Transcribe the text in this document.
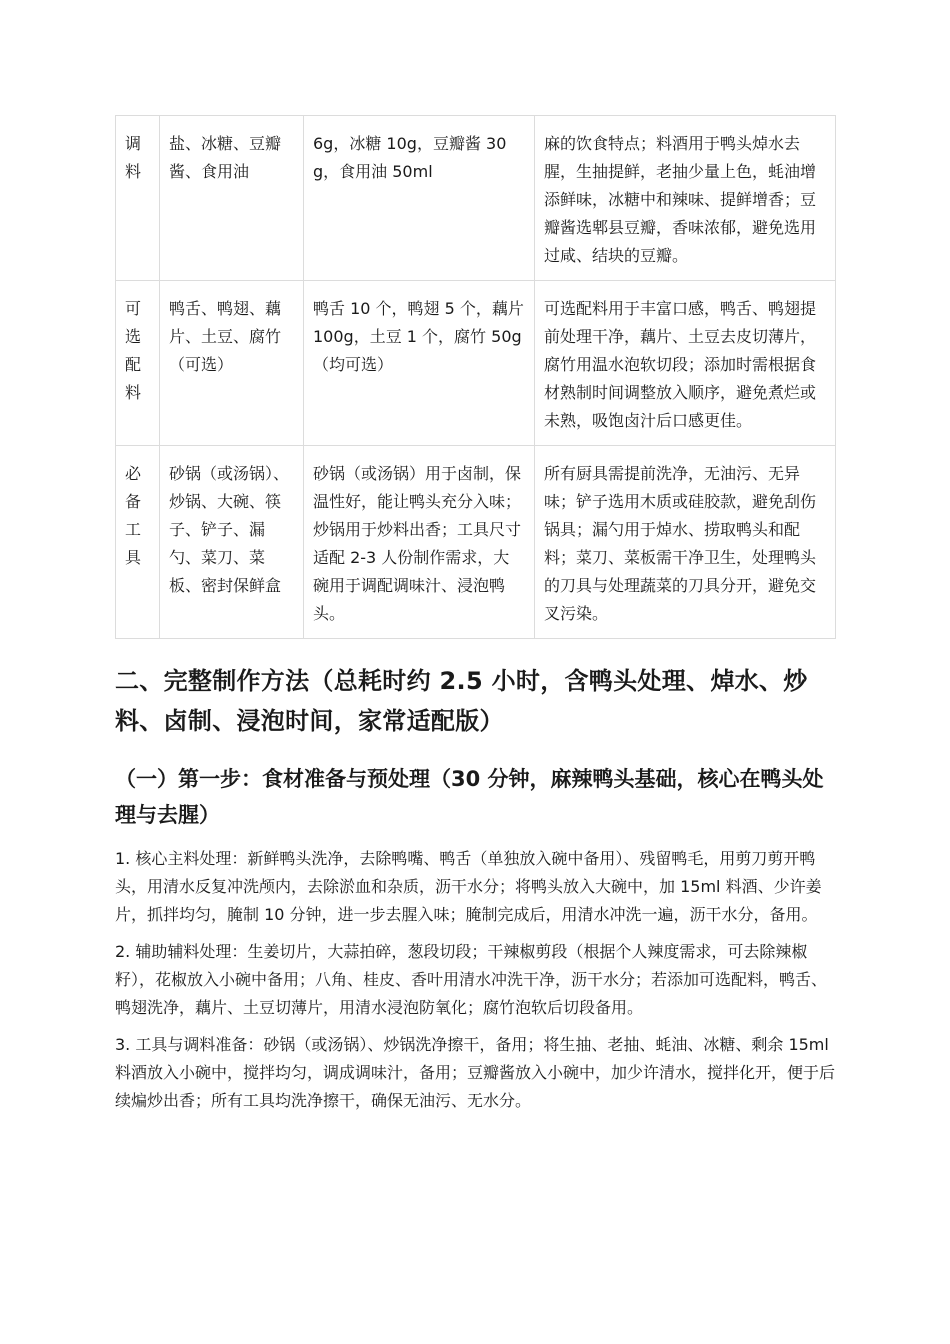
调料	盐、冰糖、豆瓣酱、食用油	6g，冰糖 10g，豆瓣酱 30g，食用油 50ml	麻的饮食特点；料酒用于鸭头焯水去腥，生抽提鲜，老抽少量上色，蚝油增添鲜味，冰糖中和辣味、提鲜增香；豆瓣酱选郫县豆瓣，香味浓郁，避免选用过咸、结块的豆瓣。
可选配料	鸭舌、鸭翅、藕片、土豆、腐竹（可选）	鸭舌 10 个，鸭翅 5 个，藕片 100g，土豆 1 个，腐竹 50g（均可选）	可选配料用于丰富口感，鸭舌、鸭翅提前处理干净，藕片、土豆去皮切薄片，腐竹用温水泡软切段；添加时需根据食材熟制时间调整放入顺序，避免煮烂或未熟，吸饱卤汁后口感更佳。
必备工具	砂锅（或汤锅）、炒锅、大碗、筷子、铲子、漏勺、菜刀、菜板、密封保鲜盒	砂锅（或汤锅）用于卤制，保温性好，能让鸭头充分入味；炒锅用于炒料出香；工具尺寸适配 2-3 人份制作需求，大碗用于调配调味汁、浸泡鸭头。	所有厨具需提前洗净，无油污、无异味；铲子选用木质或硅胶款，避免刮伤锅具；漏勺用于焯水、捞取鸭头和配料；菜刀、菜板需干净卫生，处理鸭头的刀具与处理蔬菜的刀具分开，避免交叉污染。
二、完整制作方法（总耗时约 2.5 小时，含鸭头处理、焯水、炒料、卤制、浸泡时间，家常适配版）
（一）第一步：食材准备与预处理（30 分钟，麻辣鸭头基础，核心在鸭头处理与去腥）

1. 核心主料处理：新鲜鸭头洗净，去除鸭嘴、鸭舌（单独放入碗中备用）、残留鸭毛，用剪刀剪开鸭头，用清水反复冲洗颅内，去除淤血和杂质，沥干水分；将鸭头放入大碗中，加 15ml 料酒、少许姜片，抓拌均匀，腌制 10 分钟，进一步去腥入味；腌制完成后，用清水冲洗一遍，沥干水分，备用。

2. 辅助辅料处理：生姜切片，大蒜拍碎，葱段切段；干辣椒剪段（根据个人辣度需求，可去除辣椒籽），花椒放入小碗中备用；八角、桂皮、香叶用清水冲洗干净，沥干水分；若添加可选配料，鸭舌、鸭翅洗净，藕片、土豆切薄片，用清水浸泡防氧化；腐竹泡软后切段备用。

3. 工具与调料准备：砂锅（或汤锅）、炒锅洗净擦干，备用；将生抽、老抽、蚝油、冰糖、剩余 15ml 料酒放入小碗中，搅拌均匀，调成调味汁，备用；豆瓣酱放入小碗中，加少许清水，搅拌化开，便于后续煸炒出香；所有工具均洗净擦干，确保无油污、无水分。
